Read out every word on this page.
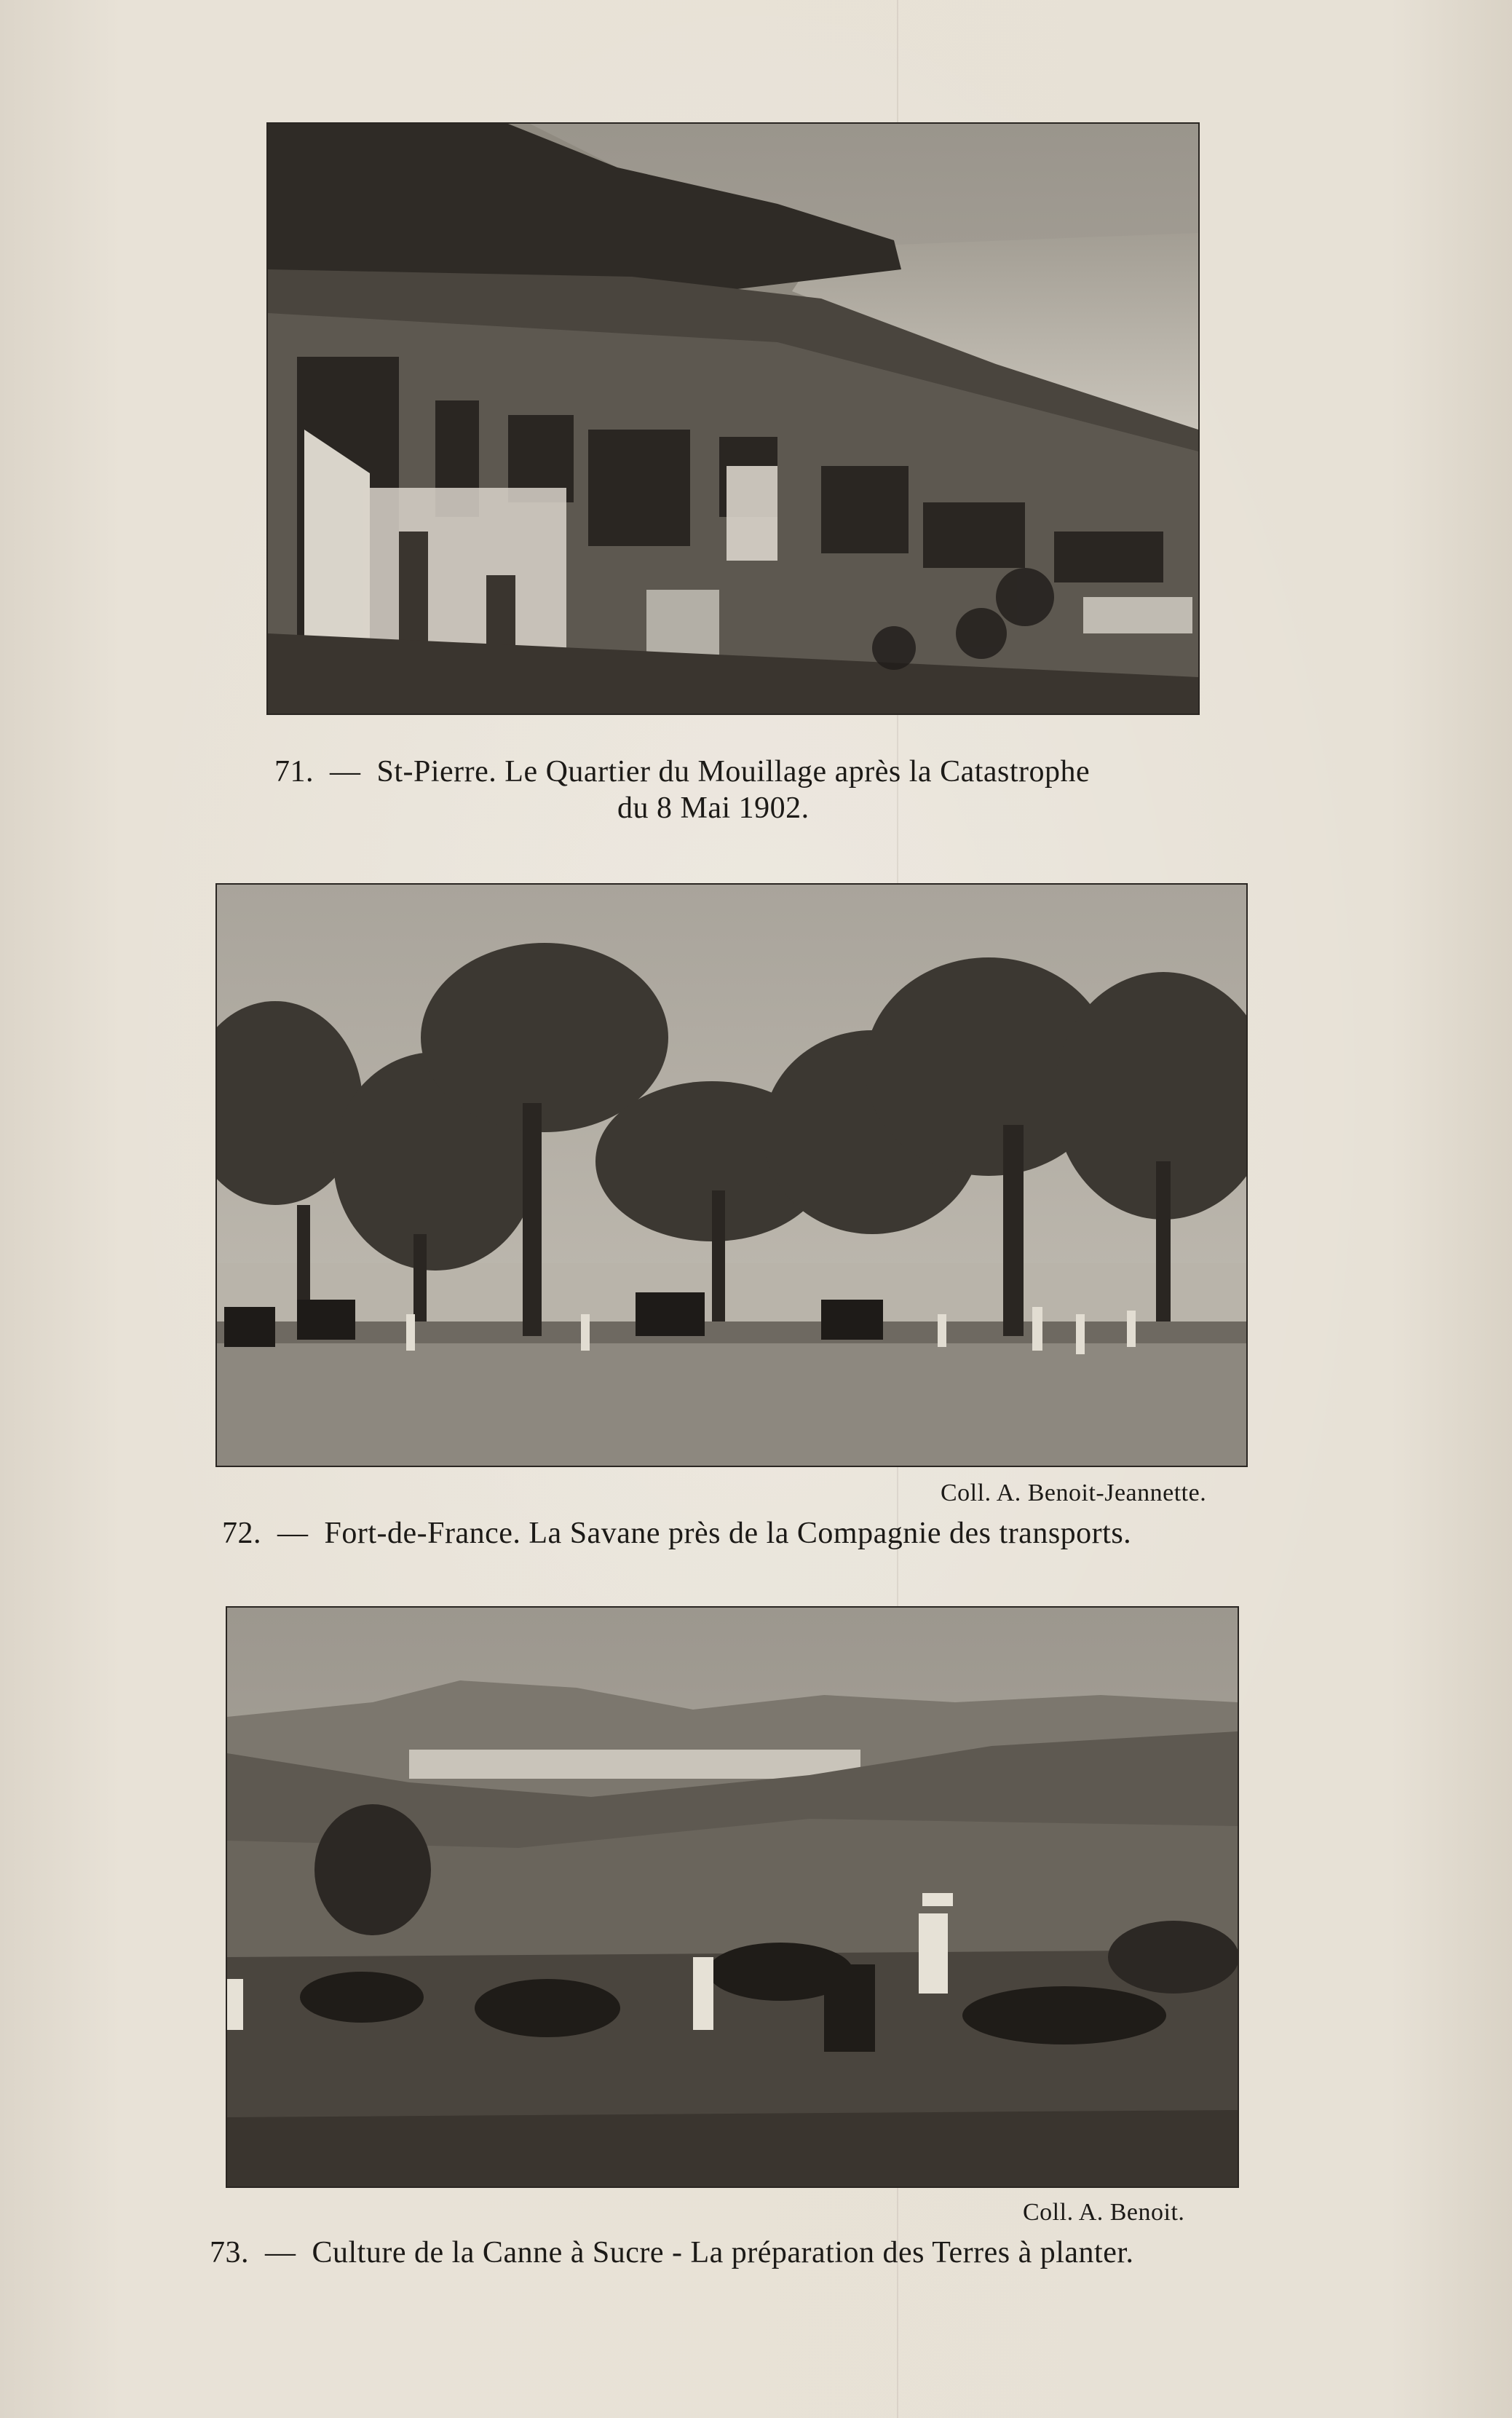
71. — St-Pierre. Le Quartier du Mouillage après la Catastrophe
du 8 Mai 1902.
Coll. A. Benoit-Jeannette.
72. — Fort-de-France. La Savane près de la Compagnie des transports.
Coll. A. Benoit.
73. — Culture de la Canne à Sucre - La préparation des Terres à planter.
